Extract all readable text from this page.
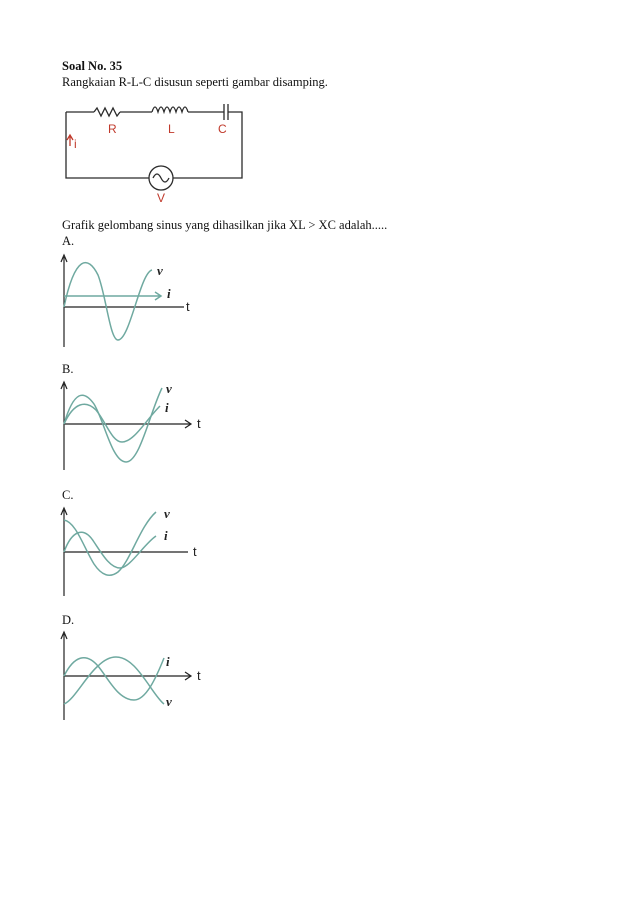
Soal No. 35
Rangkaian R-L-C disusun seperti gambar disamping.
R	L	C
i
V
Grafik gelombang sinus yang dihasilkan jika XL > XC adalah.....
A.
v
i
t
B.
v
i
t
C.
v
i
t
D.
i
v
t
